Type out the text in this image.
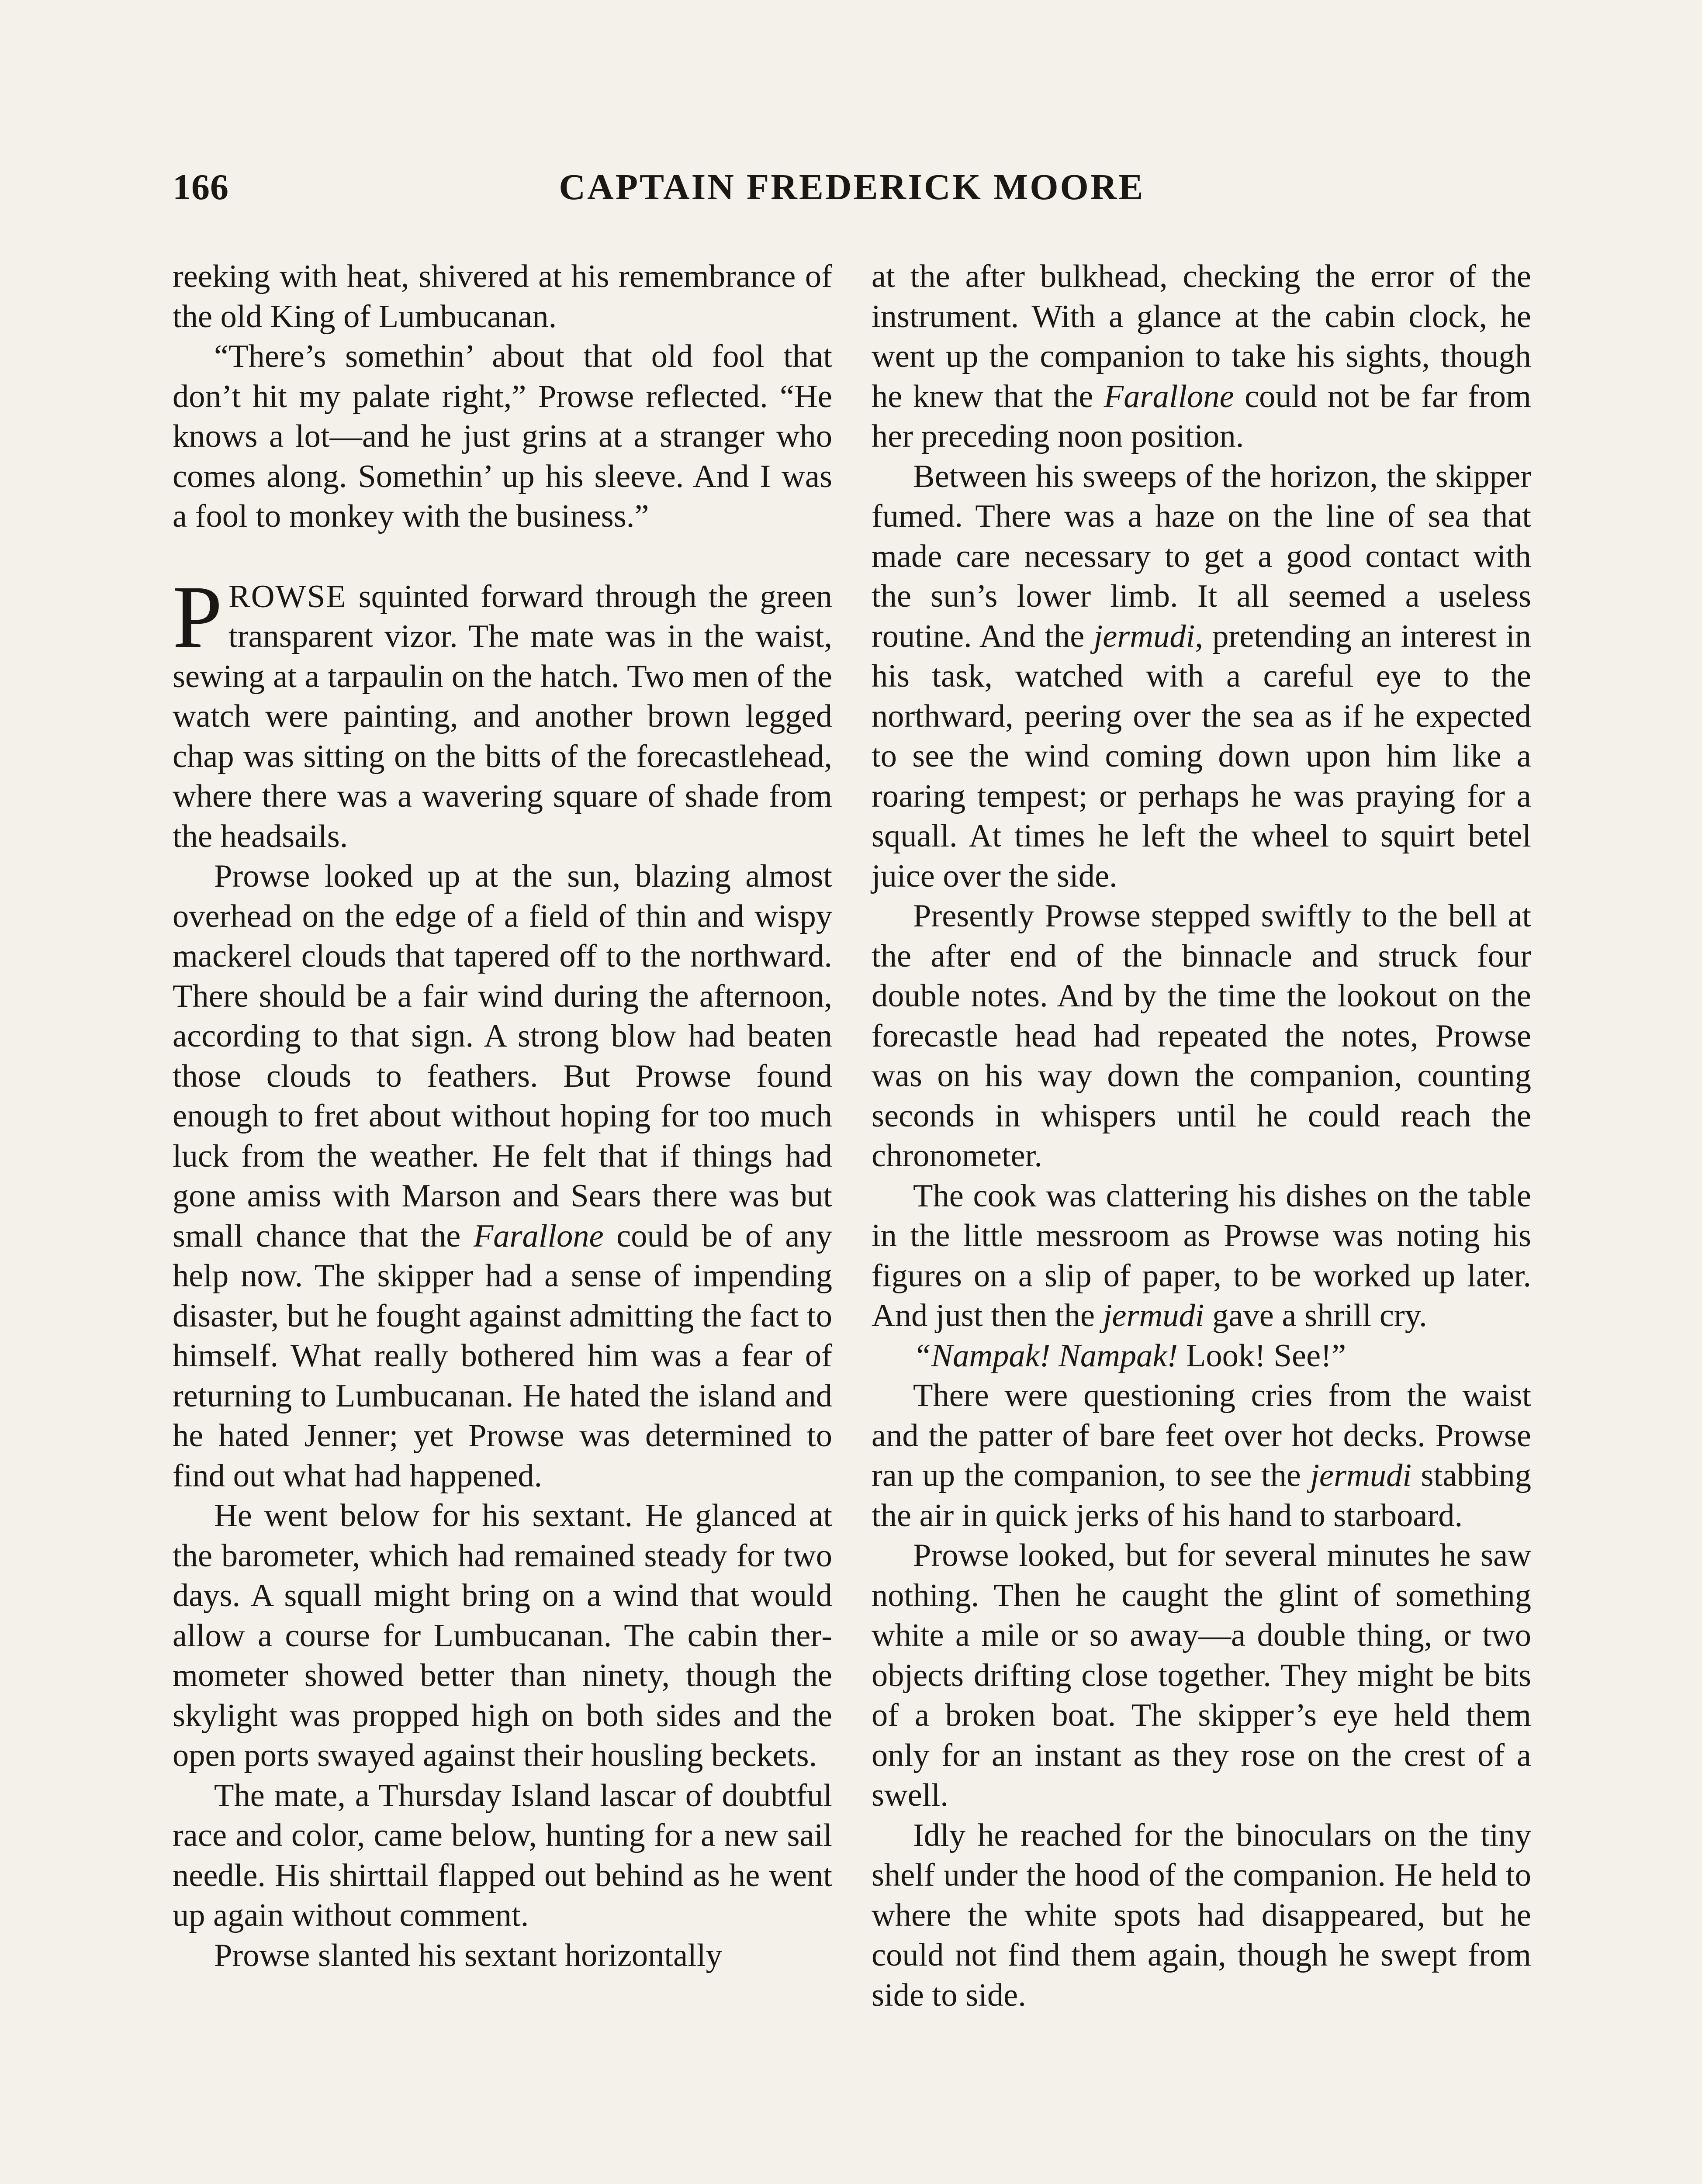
166	CAPTAIN FREDERICK MOORE

reeking with heat, shivered at his remembrance of the old King of Lumbucanan.

“There’s somethin’ about that old fool that don’t hit my palate right,” Prowse reflected. “He knows a lot—and he just grins at a stranger who comes along. Somethin’ up his sleeve. And I was a fool to monkey with the business.”

PROWSE squinted forward through the green transparent vizor. The mate was in the waist, sewing at a tarpaulin on the hatch. Two men of the watch were painting, and another brown legged chap was sitting on the bitts of the forecastlehead, where there was a wavering square of shade from the headsails.

Prowse looked up at the sun, blazing almost overhead on the edge of a field of thin and wispy mackerel clouds that tapered off to the northward. There should be a fair wind during the afternoon, according to that sign. A strong blow had beaten those clouds to feathers. But Prowse found enough to fret about without hoping for too much luck from the weather. He felt that if things had gone amiss with Marson and Sears there was but small chance that the Farallone could be of any help now. The skipper had a sense of impending disaster, but he fought against admitting the fact to himself. What really bothered him was a fear of returning to Lumbucanan. He hated the island and he hated Jenner; yet Prowse was determined to find out what had happened.

He went below for his sextant. He glanced at the barometer, which had remained steady for two days. A squall might bring on a wind that would allow a course for Lumbucanan. The cabin thermometer showed better than ninety, though the skylight was propped high on both sides and the open ports swayed against their housling beckets.

The mate, a Thursday Island lascar of doubtful race and color, came below, hunting for a new sail needle. His shirttail flapped out behind as he went up again without comment.

Prowse slanted his sextant horizontally

at the after bulkhead, checking the error of the instrument. With a glance at the cabin clock, he went up the companion to take his sights, though he knew that the Farallone could not be far from her preceding noon position.

Between his sweeps of the horizon, the skipper fumed. There was a haze on the line of sea that made care necessary to get a good contact with the sun’s lower limb. It all seemed a useless routine. And the jermudi, pretending an interest in his task, watched with a careful eye to the northward, peering over the sea as if he expected to see the wind coming down upon him like a roaring tempest; or perhaps he was praying for a squall. At times he left the wheel to squirt betel juice over the side.

Presently Prowse stepped swiftly to the bell at the after end of the binnacle and struck four double notes. And by the time the lookout on the forecastle head had repeated the notes, Prowse was on his way down the companion, counting seconds in whispers until he could reach the chronometer.

The cook was clattering his dishes on the table in the little messroom as Prowse was noting his figures on a slip of paper, to be worked up later. And just then the jermudi gave a shrill cry.

“Nampak! Nampak! Look! See!”

There were questioning cries from the waist and the patter of bare feet over hot decks. Prowse ran up the companion, to see the jermudi stabbing the air in quick jerks of his hand to starboard.

Prowse looked, but for several minutes he saw nothing. Then he caught the glint of something white a mile or so away—a double thing, or two objects drifting close together. They might be bits of a broken boat. The skipper’s eye held them only for an instant as they rose on the crest of a swell.

Idly he reached for the binoculars on the tiny shelf under the hood of the companion. He held to where the white spots had disappeared, but he could not find them again, though he swept from side to side.
